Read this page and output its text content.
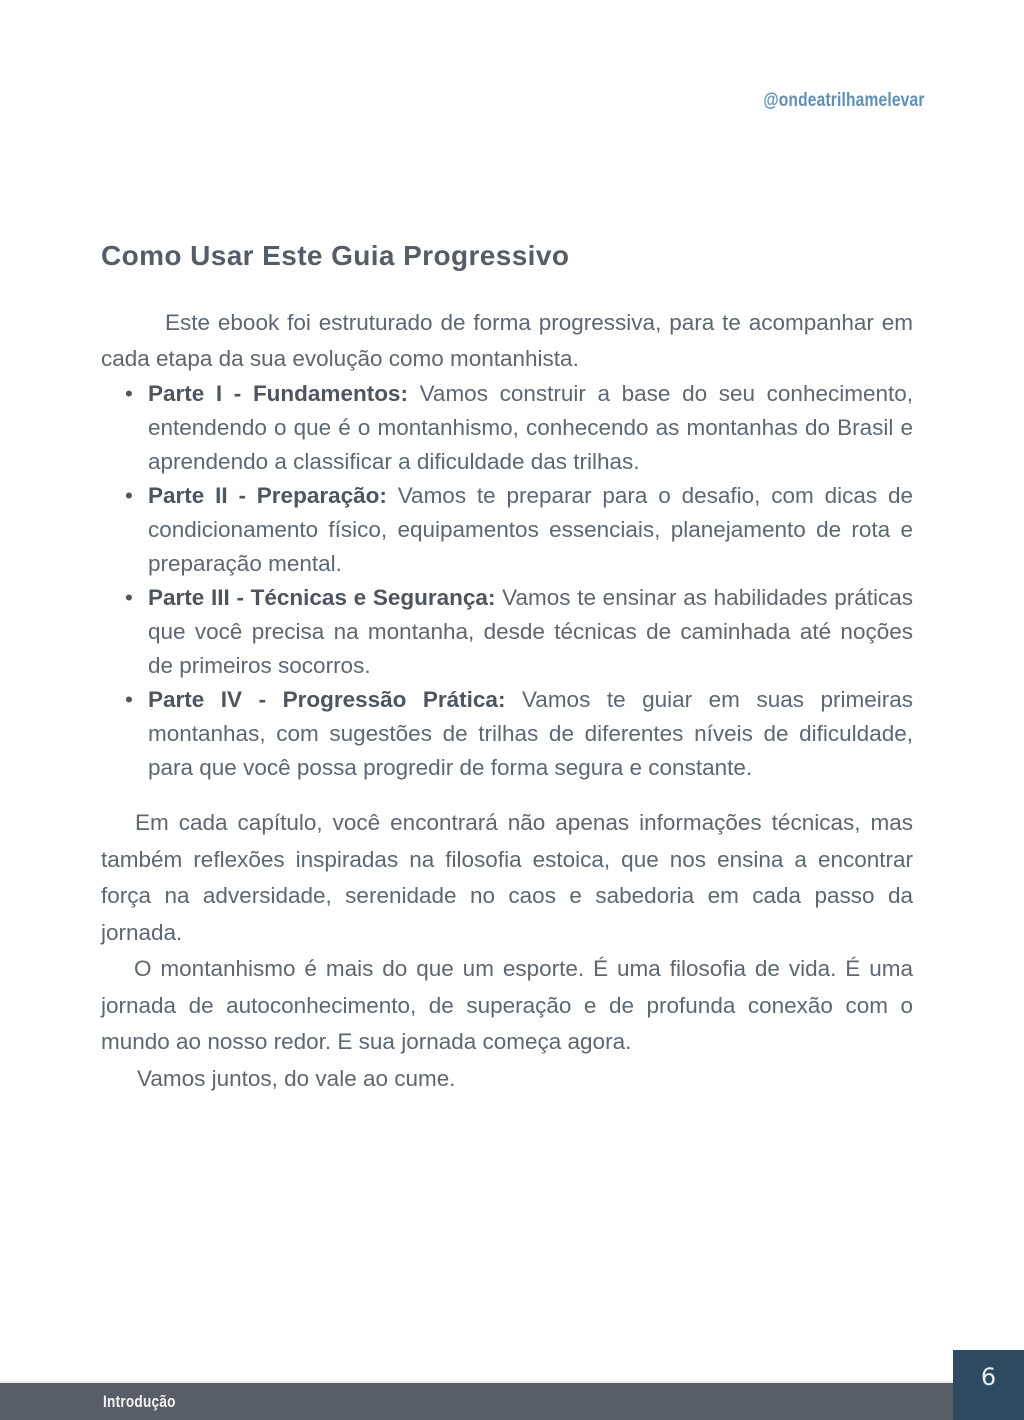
@ondeatrilhamelevar
Como Usar Este Guia Progressivo

Este ebook foi estruturado de forma progressiva, para te acompanhar em cada etapa da sua evolução como montanhista.

• Parte I - Fundamentos: Vamos construir a base do seu conhecimento, entendendo o que é o montanhismo, conhecendo as montanhas do Brasil e aprendendo a classificar a dificuldade das trilhas.
• Parte II - Preparação: Vamos te preparar para o desafio, com dicas de condicionamento físico, equipamentos essenciais, planejamento de rota e preparação mental.
• Parte III - Técnicas e Segurança: Vamos te ensinar as habilidades práticas que você precisa na montanha, desde técnicas de caminhada até noções de primeiros socorros.
• Parte IV - Progressão Prática: Vamos te guiar em suas primeiras montanhas, com sugestões de trilhas de diferentes níveis de dificuldade, para que você possa progredir de forma segura e constante.

Em cada capítulo, você encontrará não apenas informações técnicas, mas também reflexões inspiradas na filosofia estoica, que nos ensina a encontrar força na adversidade, serenidade no caos e sabedoria em cada passo da jornada.

O montanhismo é mais do que um esporte. É uma filosofia de vida. É uma jornada de autoconhecimento, de superação e de profunda conexão com o mundo ao nosso redor. E sua jornada começa agora.

Vamos juntos, do vale ao cume.

Introdução
6
